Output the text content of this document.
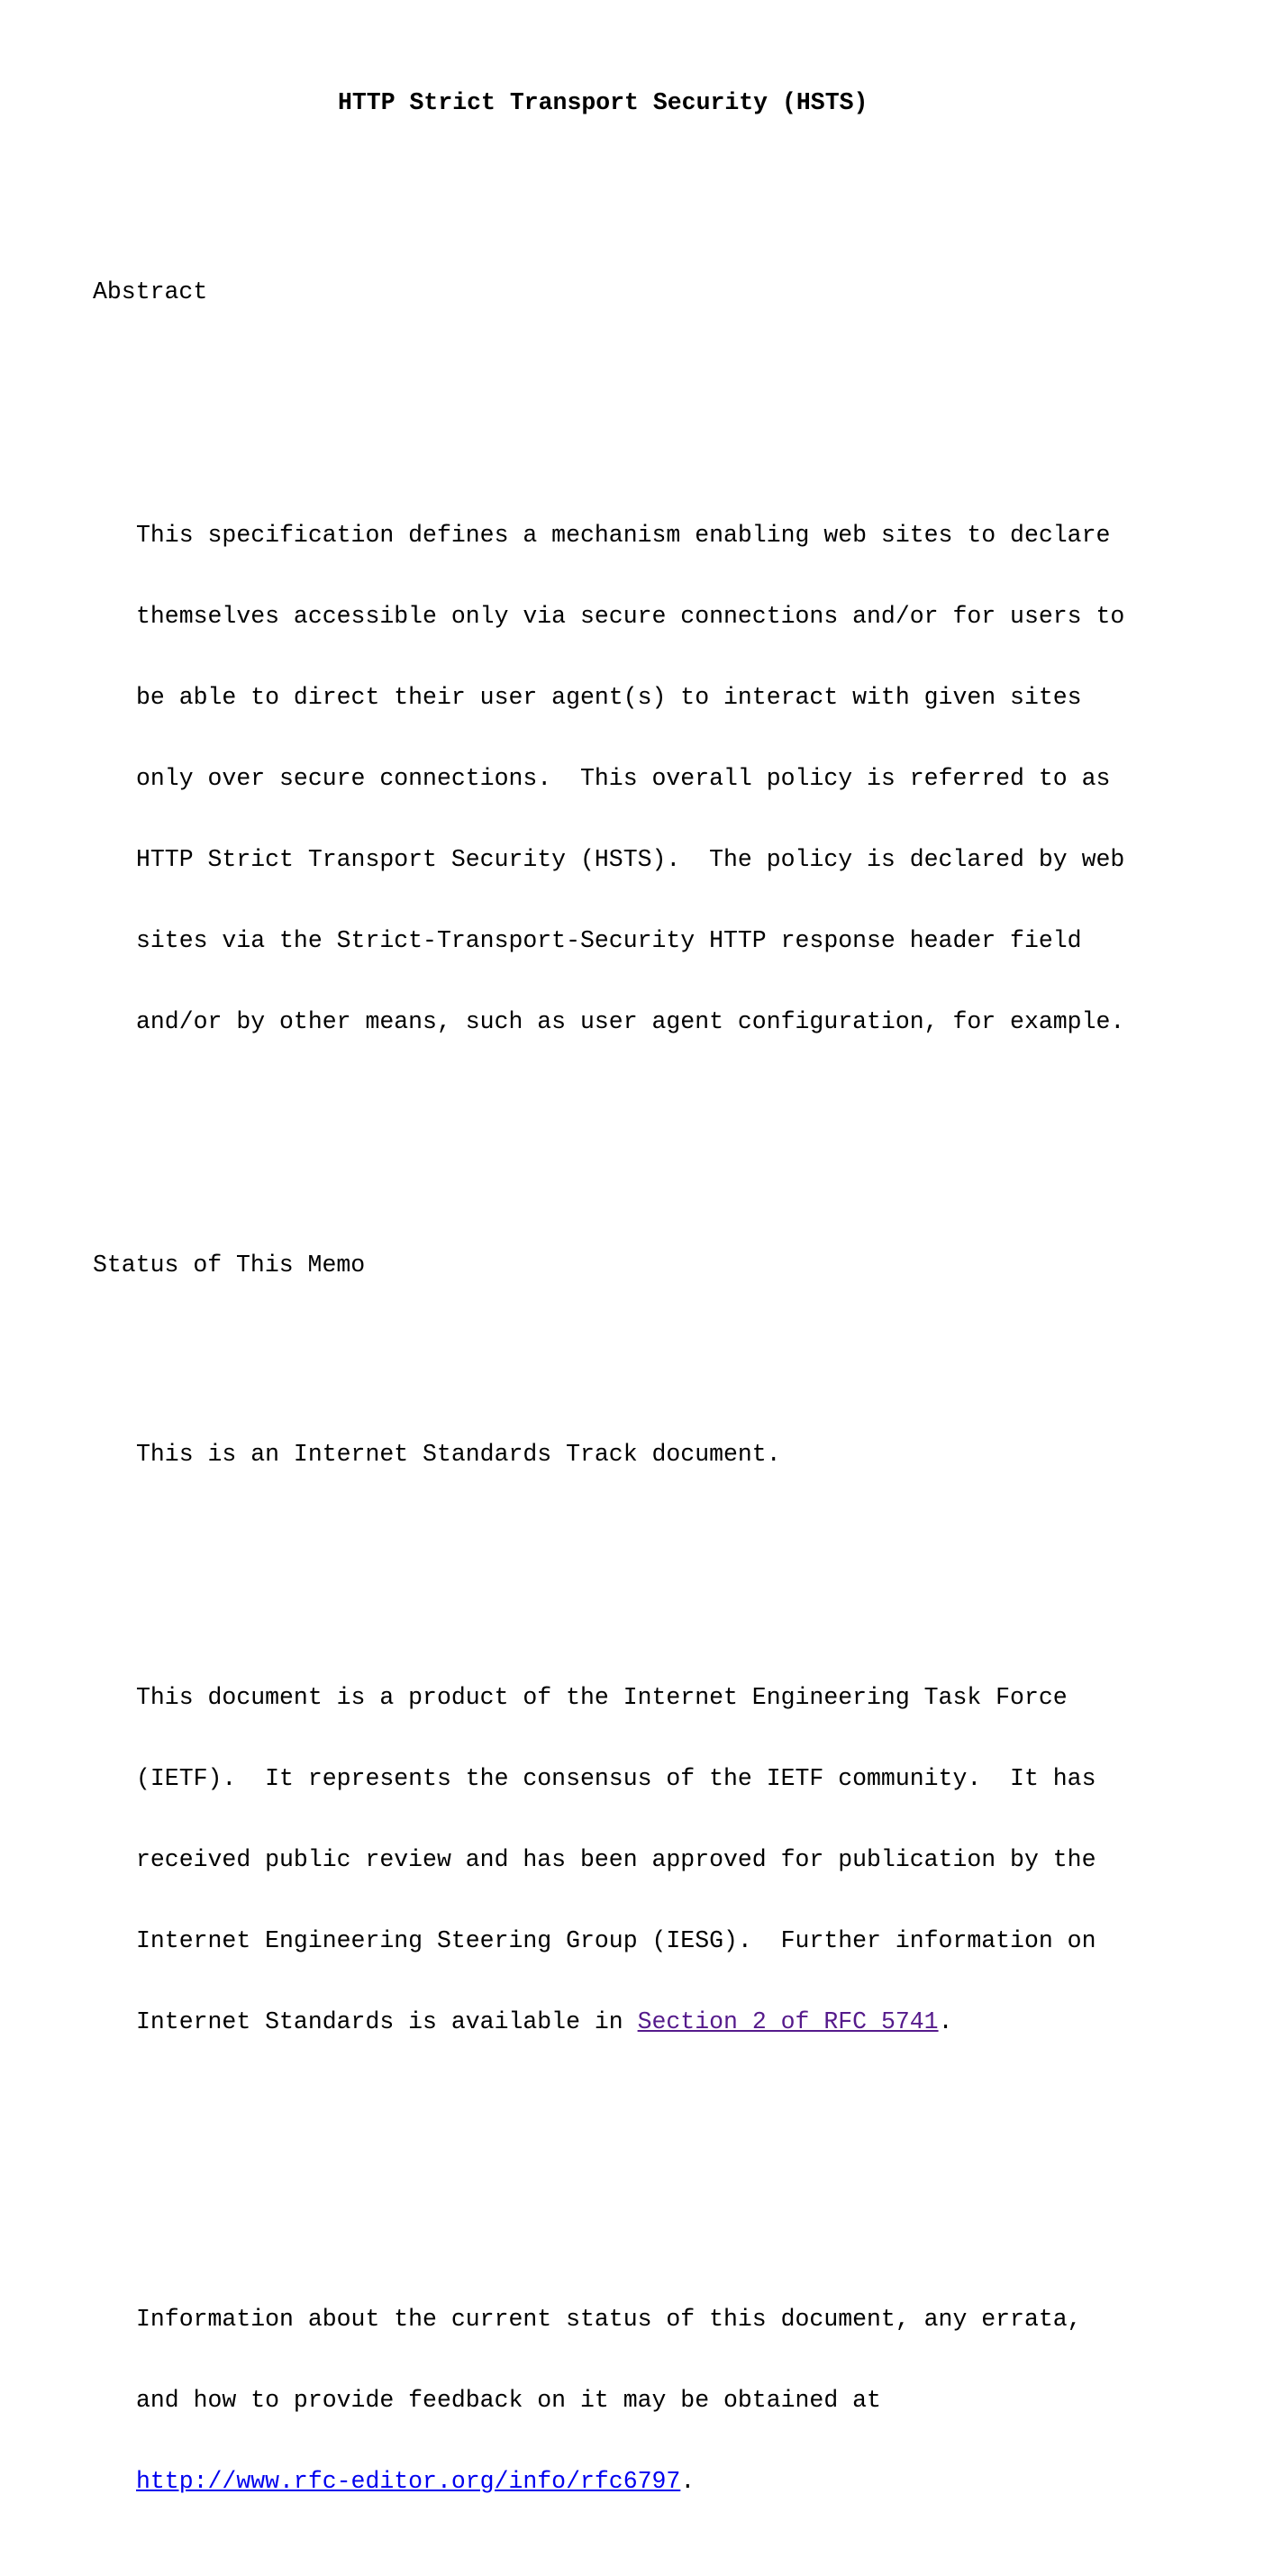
HTTP Strict Transport Security (HSTS)

Abstract

This specification defines a mechanism enabling web sites to declare

themselves accessible only via secure connections and/or for users to

be able to direct their user agent(s) to interact with given sites

only over secure connections.  This overall policy is referred to as

HTTP Strict Transport Security (HSTS).  The policy is declared by web

sites via the Strict-Transport-Security HTTP response header field

and/or by other means, such as user agent configuration, for example.

Status of This Memo

This is an Internet Standards Track document.

This document is a product of the Internet Engineering Task Force

(IETF).  It represents the consensus of the IETF community.  It has

received public review and has been approved for publication by the

Internet Engineering Steering Group (IESG).  Further information on

Internet Standards is available in Section 2 of RFC 5741.

Information about the current status of this document, any errata,

and how to provide feedback on it may be obtained at

http://www.rfc-editor.org/info/rfc6797.
